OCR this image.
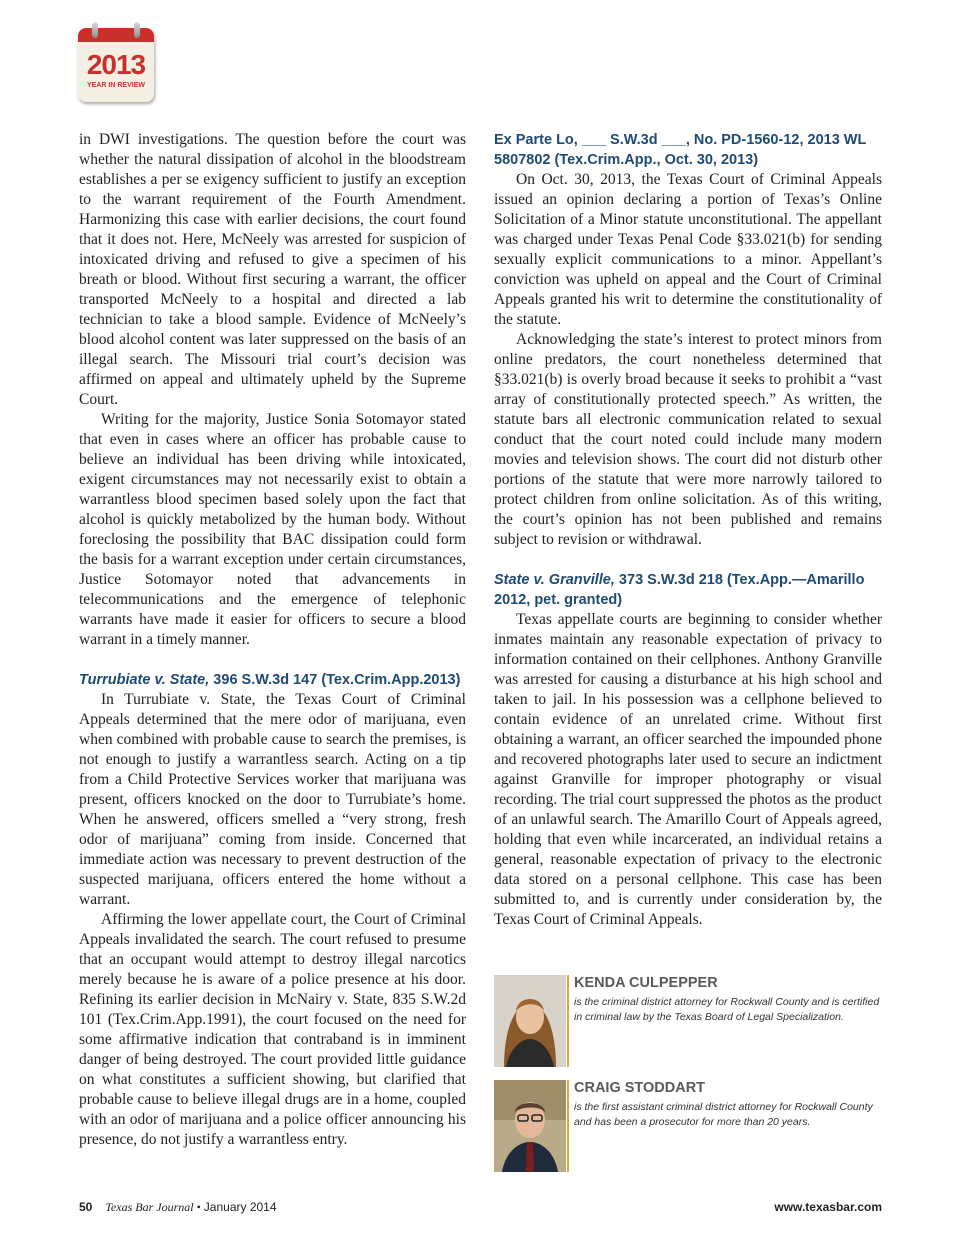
2013
YEAR IN REVIEW

in DWI investigations. The question before the court was whether the natural dissipation of alcohol in the bloodstream establishes a per se exigency sufficient to justify an exception to the warrant requirement of the Fourth Amendment. Harmonizing this case with earlier decisions, the court found that it does not. Here, McNeely was arrested for suspicion of intoxicated driving and refused to give a specimen of his breath or blood. Without first securing a warrant, the officer transported McNeely to a hospital and directed a lab technician to take a blood sample. Evidence of McNeely’s blood alcohol content was later suppressed on the basis of an illegal search. The Missouri trial court’s decision was affirmed on appeal and ultimately upheld by the Supreme Court.

Writing for the majority, Justice Sonia Sotomayor stated that even in cases where an officer has probable cause to believe an individual has been driving while intoxicated, exigent circumstances may not necessarily exist to obtain a warrantless blood specimen based solely upon the fact that alcohol is quickly metabolized by the human body. Without foreclosing the possibility that BAC dissipation could form the basis for a warrant exception under certain circumstances, Justice Sotomayor noted that advancements in telecommunications and the emergence of telephonic warrants have made it easier for officers to secure a blood warrant in a timely manner.

Turrubiate v. State, 396 S.W.3d 147 (Tex.Crim.App.2013)

In Turrubiate v. State, the Texas Court of Criminal Appeals determined that the mere odor of marijuana, even when combined with probable cause to search the premises, is not enough to justify a warrantless search. Acting on a tip from a Child Protective Services worker that marijuana was present, officers knocked on the door to Turrubiate’s home. When he answered, officers smelled a “very strong, fresh odor of marijuana” coming from inside. Concerned that immediate action was necessary to prevent destruction of the suspected marijuana, officers entered the home without a warrant.

Affirming the lower appellate court, the Court of Criminal Appeals invalidated the search. The court refused to presume that an occupant would attempt to destroy illegal narcotics merely because he is aware of a police presence at his door. Refining its earlier decision in McNairy v. State, 835 S.W.2d 101 (Tex.Crim.App.1991), the court focused on the need for some affirmative indication that contraband is in imminent danger of being destroyed. The court provided little guidance on what constitutes a sufficient showing, but clarified that probable cause to believe illegal drugs are in a home, coupled with an odor of marijuana and a police officer announcing his presence, do not justify a warrantless entry.

Ex Parte Lo, ___ S.W.3d ___, No. PD-1560-12, 2013 WL 5807802 (Tex.Crim.App., Oct. 30, 2013)

On Oct. 30, 2013, the Texas Court of Criminal Appeals issued an opinion declaring a portion of Texas’s Online Solicitation of a Minor statute unconstitutional. The appellant was charged under Texas Penal Code §33.021(b) for sending sexually explicit communications to a minor. Appellant’s conviction was upheld on appeal and the Court of Criminal Appeals granted his writ to determine the constitutionality of the statute.

Acknowledging the state’s interest to protect minors from online predators, the court nonetheless determined that §33.021(b) is overly broad because it seeks to prohibit a “vast array of constitutionally protected speech.” As written, the statute bars all electronic communication related to sexual conduct that the court noted could include many modern movies and television shows. The court did not disturb other portions of the statute that were more narrowly tailored to protect children from online solicitation. As of this writing, the court’s opinion has not been published and remains subject to revision or withdrawal.

State v. Granville, 373 S.W.3d 218 (Tex.App.—Amarillo 2012, pet. granted)

Texas appellate courts are beginning to consider whether inmates maintain any reasonable expectation of privacy to information contained on their cellphones. Anthony Granville was arrested for causing a disturbance at his high school and taken to jail. In his possession was a cellphone believed to contain evidence of an unrelated crime. Without first obtaining a warrant, an officer searched the impounded phone and recovered photographs later used to secure an indictment against Granville for improper photography or visual recording. The trial court suppressed the photos as the product of an unlawful search. The Amarillo Court of Appeals agreed, holding that even while incarcerated, an individual retains a general, reasonable expectation of privacy to the electronic data stored on a personal cellphone. This case has been submitted to, and is currently under consideration by, the Texas Court of Criminal Appeals.

KENDA CULPEPPER
is the criminal district attorney for Rockwall County and is certified in criminal law by the Texas Board of Legal Specialization.
CRAIG STODDART
is the first assistant criminal district attorney for Rockwall County and has been a prosecutor for more than 20 years.
50 Texas Bar Journal • January 2014	www.texasbar.com
